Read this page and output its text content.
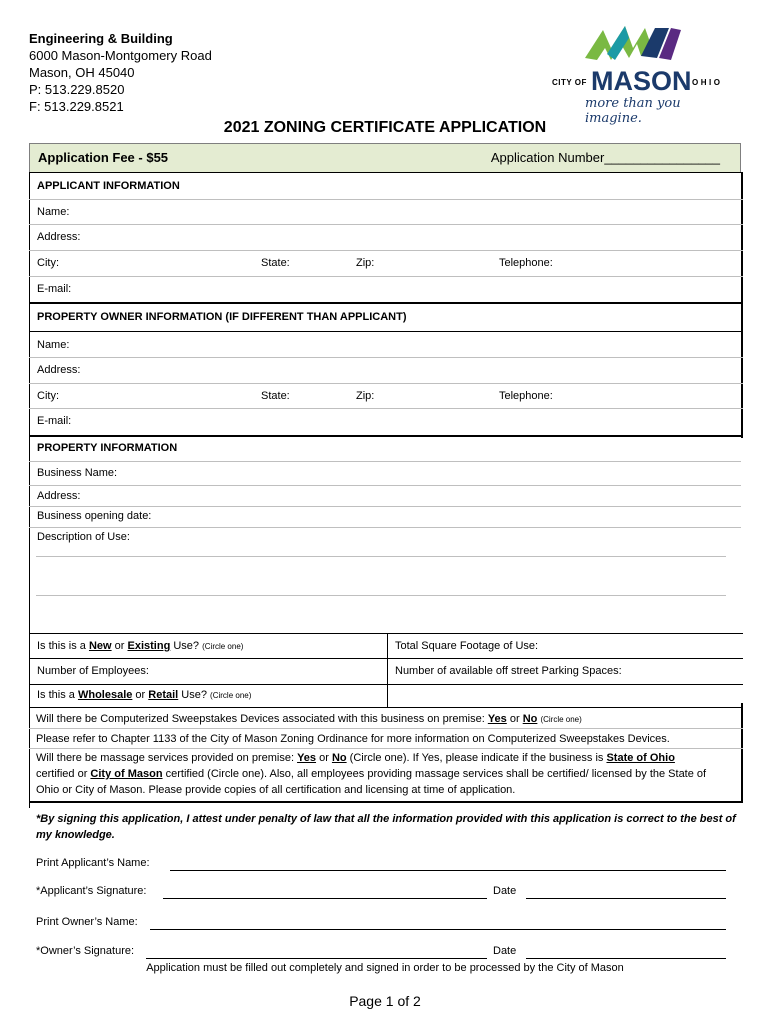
Engineering & Building
6000 Mason-Montgomery Road
Mason, OH 45040
P: 513.229.8520
F: 513.229.8521
CITY OF MASON OHIO
more than you imagine.
2021 ZONING CERTIFICATE APPLICATION
Application Fee - $55	Application Number________________
APPLICANT INFORMATION
Name:
Address:
City:	State:	Zip:	Telephone:
E-mail:
PROPERTY OWNER INFORMATION (IF DIFFERENT THAN APPLICANT)
Name:
Address:
City:	State:	Zip:	Telephone:
E-mail:
PROPERTY INFORMATION
Business Name:
Address:
Business opening date:
Description of Use:
Is this is a New or Existing Use? (Circle one)	Total Square Footage of Use:
Number of Employees:	Number of available off street Parking Spaces:
Is this a Wholesale or Retail Use? (Circle one)
Will there be Computerized Sweepstakes Devices associated with this business on premise: Yes or No (Circle one)
Please refer to Chapter 1133 of the City of Mason Zoning Ordinance for more information on Computerized Sweepstakes Devices.
Will there be massage services provided on premise: Yes or No (Circle one). If Yes, please indicate if the business is State of Ohio
certified or City of Mason certified (Circle one). Also, all employees providing massage services shall be certified/ licensed by the State of
Ohio or City of Mason. Please provide copies of all certification and licensing at time of application.
*By signing this application, I attest under penalty of law that all the information provided with this application is correct to the best of my knowledge.
Print Applicant’s Name:
*Applicant’s Signature:	Date
Print Owner’s Name:
*Owner’s Signature:	Date
Application must be filled out completely and signed in order to be processed by the City of Mason
Page 1 of 2
